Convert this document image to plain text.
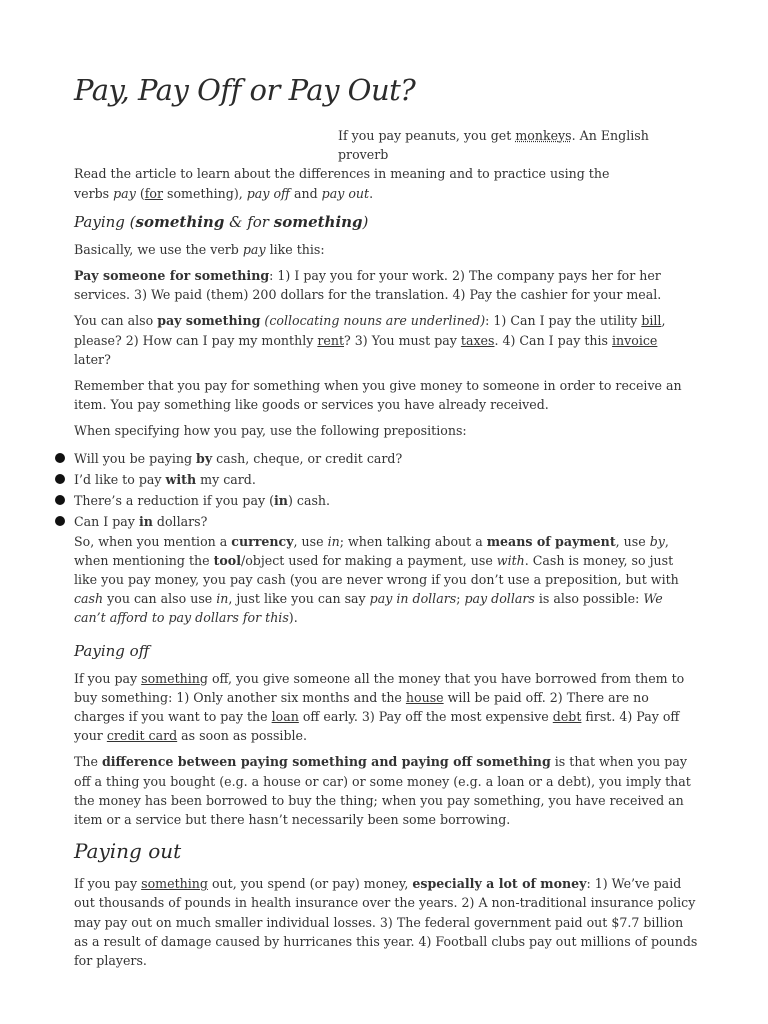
Pay, Pay Off or Pay Out?
If you pay peanuts, you get monkeys. An English proverb

Read the article to learn about the differences in meaning and to practice using the
verbs pay (for something), pay off and pay out.

Paying (something & for something)

Basically, we use the verb pay like this:

Pay someone for something: 1) I pay you for your work. 2) The company pays her for her services. 3) We paid (them) 200 dollars for the translation. 4) Pay the cashier for your meal.

You can also pay something (collocating nouns are underlined): 1) Can I pay the utility bill, please? 2) How can I pay my monthly rent? 3) You must pay taxes. 4) Can I pay this invoice later?

Remember that you pay for something when you give money to someone in order to receive an item. You pay something like goods or services you have already received.

When specifying how you pay, use the following prepositions:

Will you be paying by cash, cheque, or credit card?
I’d like to pay with my card.
There’s a reduction if you pay (in) cash.
Can I pay in dollars?

So, when you mention a currency, use in; when talking about a means of payment, use by, when mentioning the tool/object used for making a payment, use with. Cash is money, so just like you pay money, you pay cash (you are never wrong if you don’t use a preposition, but with cash you can also use in, just like you can say pay in dollars; pay dollars is also possible: We can’t afford to pay dollars for this).

Paying off

If you pay something off, you give someone all the money that you have borrowed from them to buy something: 1) Only another six months and the house will be paid off. 2) There are no charges if you want to pay the loan off early. 3) Pay off the most expensive debt first. 4) Pay off your credit card as soon as possible.

The difference between paying something and paying off something is that when you pay off a thing you bought (e.g. a house or car) or some money (e.g. a loan or a debt), you imply that the money has been borrowed to buy the thing; when you pay something, you have received an item or a service but there hasn’t necessarily been some borrowing.

Paying out

If you pay something out, you spend (or pay) money, especially a lot of money: 1) We’ve paid out thousands of pounds in health insurance over the years. 2) A non-traditional insurance policy may pay out on much smaller individual losses. 3) The federal government paid out $7.7 billion as a result of damage caused by hurricanes this year. 4) Football clubs pay out millions of pounds for players.
